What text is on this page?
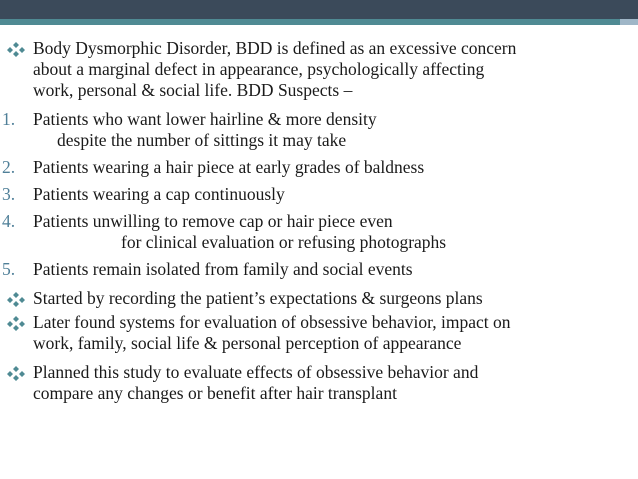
Body Dysmorphic Disorder, BDD is defined as an excessive concern
about a marginal defect in appearance, psychologically affecting
work, personal & social life. BDD Suspects –
1.	Patients who want lower hairline & more density
despite the number of sittings it may take
2.	Patients wearing a hair piece at early grades of baldness
3.	Patients wearing a cap continuously
4.	Patients unwilling to remove cap or hair piece even
for clinical evaluation or refusing photographs
5.	Patients remain isolated from family and social events
Started by recording the patient’s expectations & surgeons plans
Later found systems for evaluation of obsessive behavior, impact on
work, family, social life & personal perception of appearance
Planned this study to evaluate effects of obsessive behavior and
compare any changes or benefit after hair transplant
